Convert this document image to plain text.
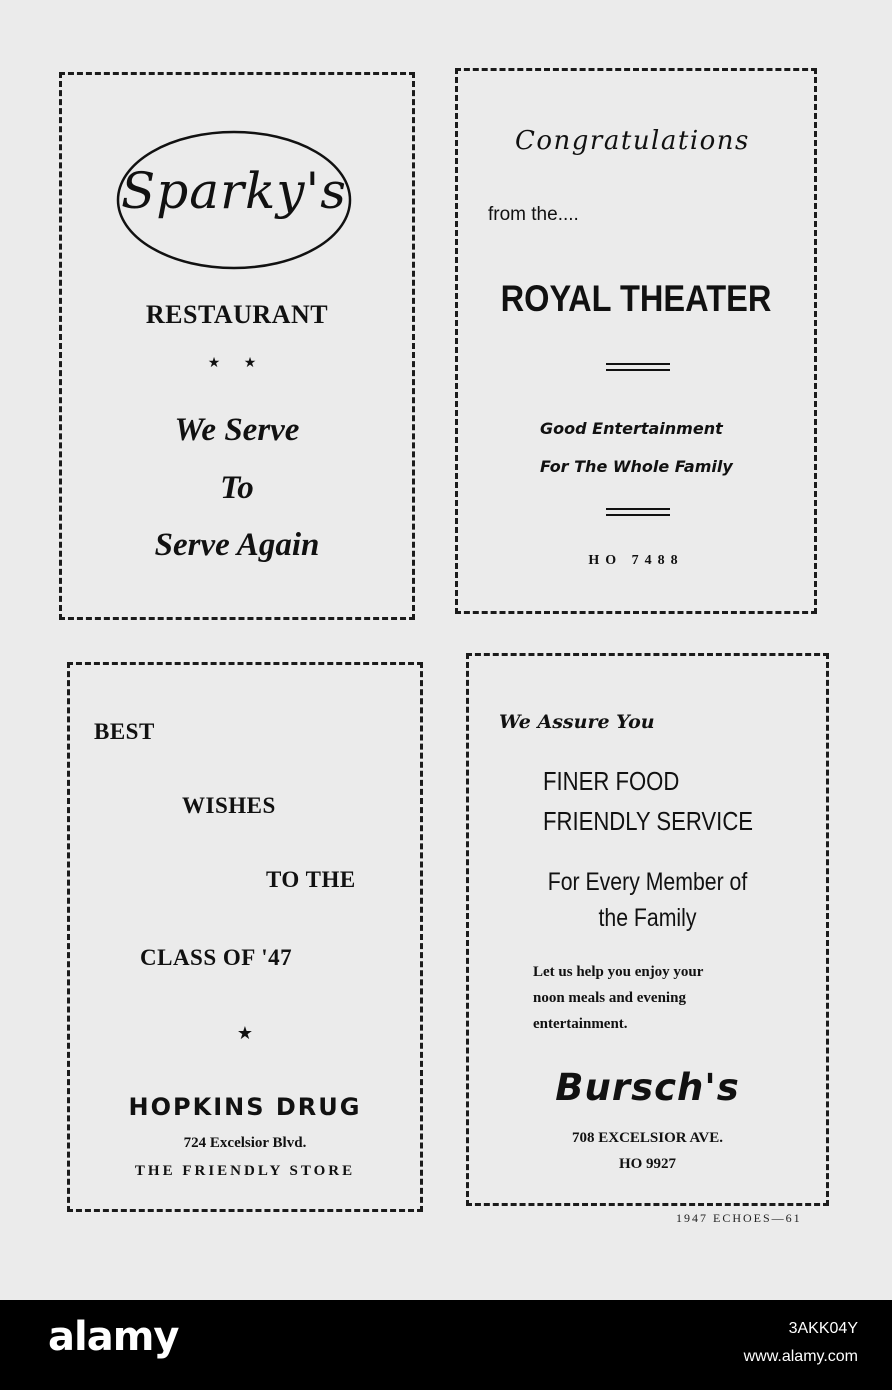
Sparky's
RESTAURANT
★ ★
We Serve
To
Serve Again
Congratulations
from the....
ROYAL THEATER
Good Entertainment
For The Whole Family
HO 7488
BEST
WISHES
TO THE
CLASS OF '47
★
HOPKINS DRUG
724 Excelsior Blvd.
THE FRIENDLY STORE
We Assure You
FINER FOOD
FRIENDLY SERVICE
For Every Member of
the Family
Let us help you enjoy your
noon meals and evening
entertainment.
Bursch's
708 EXCELSIOR AVE.
HO 9927
1947 ECHOES—61
alamy	3AKK04Y
www.alamy.com
